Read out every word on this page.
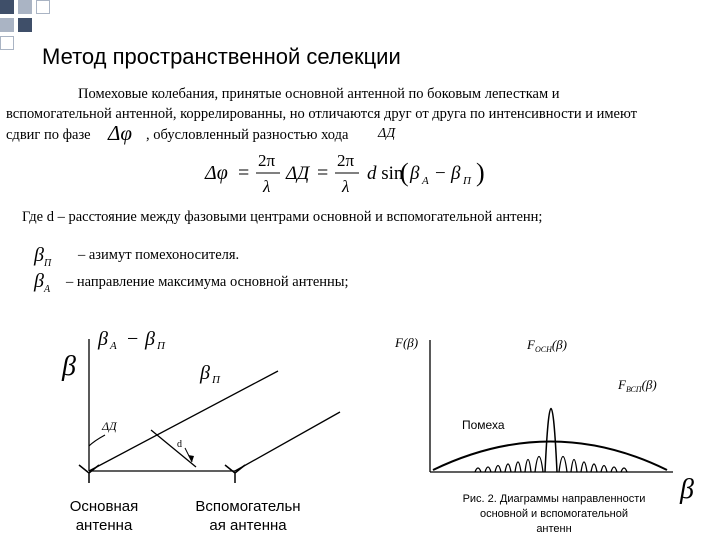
Метод пространственной селекции
Помеховые колебания, принятые основной антенной по боковым лепесткам и
вспомогательной антенной, коррелированны, но отличаются друг от друга по интенсивности и имеют
сдвиг по фазе Δφ , обусловленный разностью хода ΔД
Δφ =
2π
λ
ΔД =
2π
λ
d sin
( β А − β П )
Где d – расстояние между фазовыми центрами основной и вспомогательной антенн;
$\beta_П$
– азимут помехоносителя.
$\beta_А$ – направление максимума основной антенны;
β А − β П
β	β П
ΔД
d
Основная
антенна
Вспомогательн
ая антенна
F(β)	$F_{ОСН}(\beta)$
$F_{ВСП}(\beta)$
Помеха
Рис. 2. Диаграммы направленности
основной и вспомогательной
антенн
β
